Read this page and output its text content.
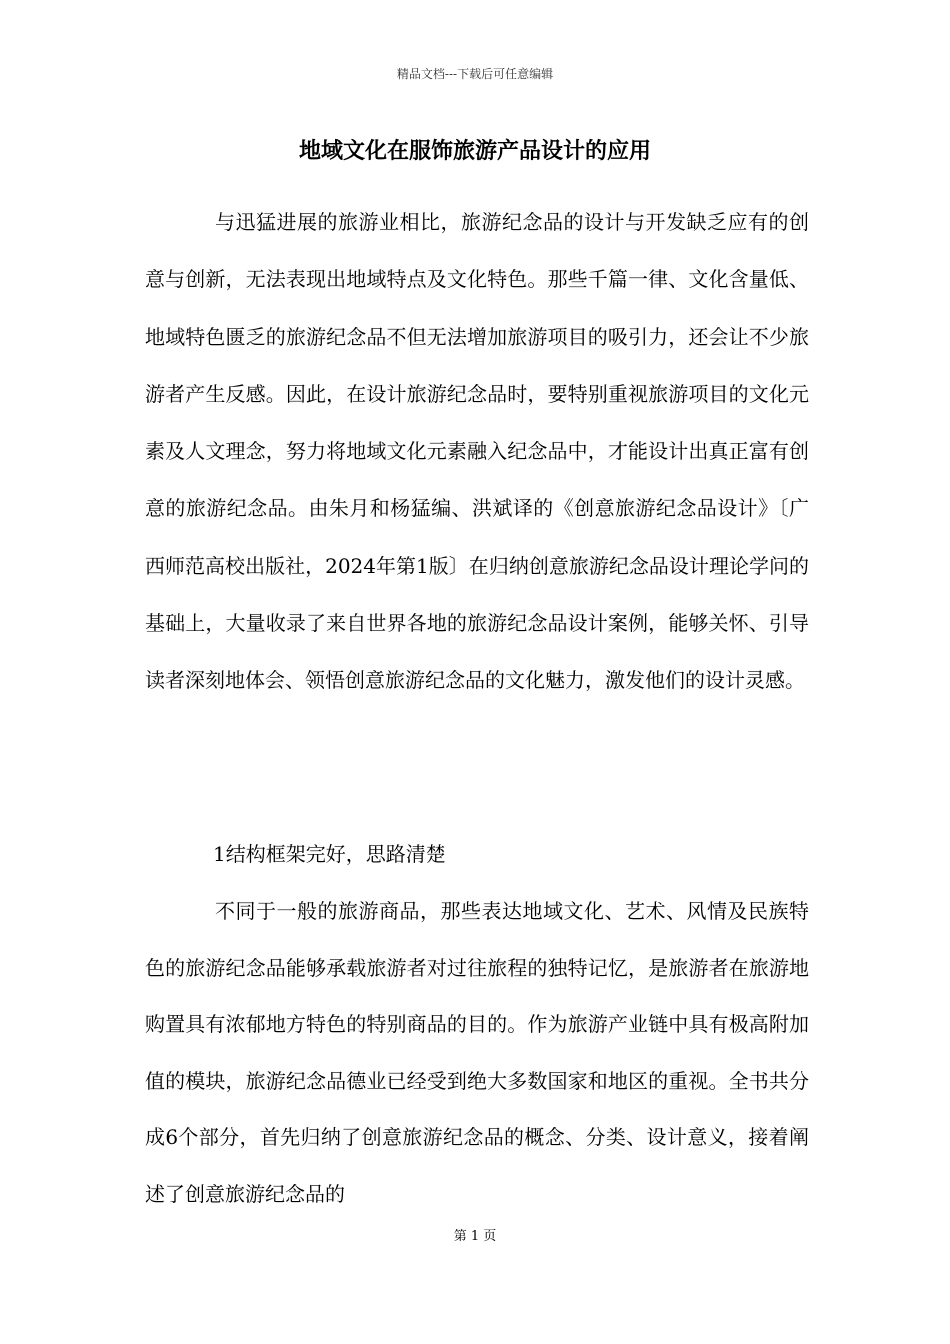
精品文档---下载后可任意编辑
地域文化在服饰旅游产品设计的应用

与迅猛进展的旅游业相比，旅游纪念品的设计与开发缺乏应有的创意与创新，无法表现出地域特点及文化特色。那些千篇一律、文化含量低、地域特色匮乏的旅游纪念品不但无法增加旅游项目的吸引力，还会让不少旅游者产生反感。因此，在设计旅游纪念品时，要特别重视旅游项目的文化元素及人文理念，努力将地域文化元素融入纪念品中，才能设计出真正富有创意的旅游纪念品。由朱月和杨猛编、洪斌译的《创意旅游纪念品设计》〔广西师范高校出版社，2024年第1版〕在归纳创意旅游纪念品设计理论学问的基础上，大量收录了来自世界各地的旅游纪念品设计案例，能够关怀、引导读者深刻地体会、领悟创意旅游纪念品的文化魅力，激发他们的设计灵感。

1结构框架完好，思路清楚

不同于一般的旅游商品，那些表达地域文化、艺术、风情及民族特色的旅游纪念品能够承载旅游者对过往旅程的独特记忆，是旅游者在旅游地购置具有浓郁地方特色的特别商品的目的。作为旅游产业链中具有极高附加值的模块，旅游纪念品德业已经受到绝大多数国家和地区的重视。全书共分成6个部分，首先归纳了创意旅游纪念品的概念、分类、设计意义，接着阐述了创意旅游纪念品的

第 1 页
